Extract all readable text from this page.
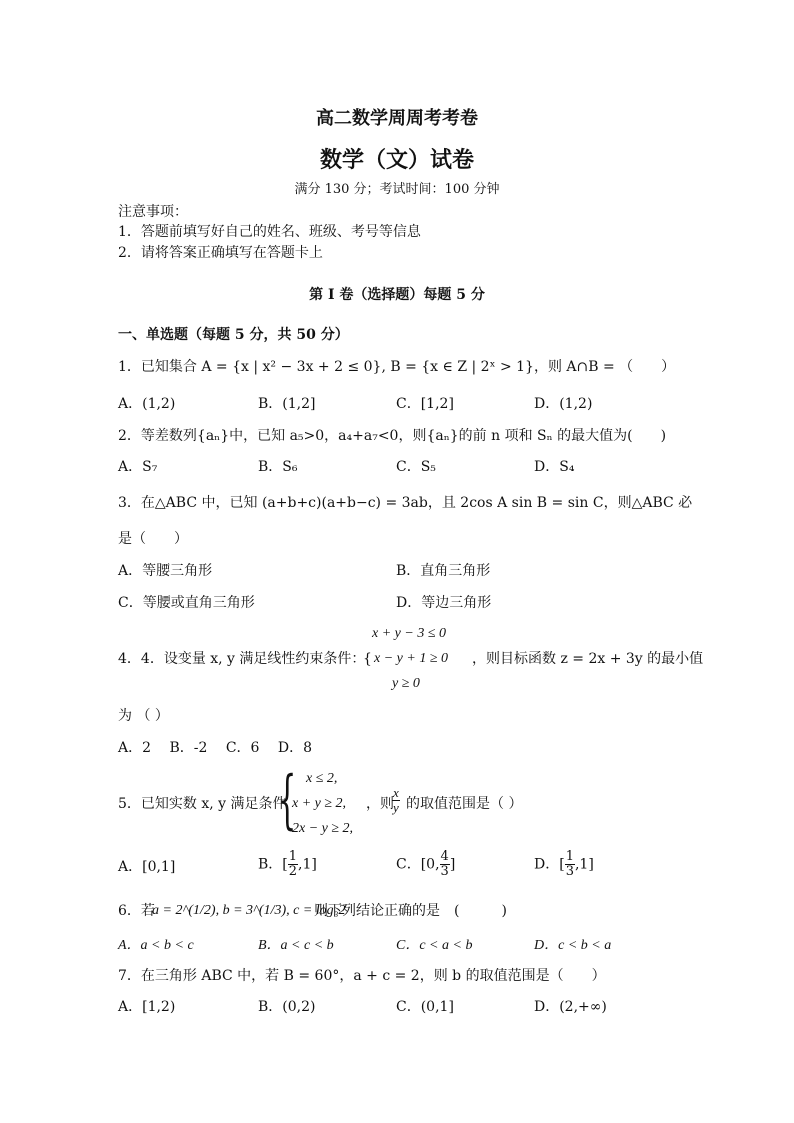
高二数学周周考考卷
数学（文）试卷
满分 130 分；考试时间：100 分钟
注意事项：
1．答题前填写好自己的姓名、班级、考号等信息
2．请将答案正确填写在答题卡上
第 I 卷（选择题）每题 5 分
一、单选题（每题 5 分，共 50 分）
1．已知集合 A = {x | x² − 3x + 2 ≤ 0}, B = {x ∈ Z | 2ˣ > 1}，则 A∩B = （　　）
A．(1,2)	B．(1,2]	C．[1,2]	D．(1,2)
2．等差数列{aₙ}中，已知 a₅>0，a₄+a₇<0，则{aₙ}的前 n 项和 Sₙ 的最大值为(　　)
A．S₇	B．S₆	C．S₅	D．S₄
3．在△ABC 中，已知 (a+b+c)(a+b−c) = 3ab，且 2cos A sin B = sin C，则△ABC 必
是（　　）
A．等腰三角形	B．直角三角形
C．等腰或直角三角形	D．等边三角形
x + y − 3 ≤ 0
4．4．设变量 x, y 满足线性约束条件：
{ x − y + 1 ≥ 0 ，则目标函数 z = 2x + 3y 的最小值
y ≥ 0
为 （ ）
A．2　 B．-2　 C．6　 D．8
5．已知实数 x, y 满足条件
{ x ≤ 2,
x + y ≥ 2,
2x − y ≥ 2,
，则
$\frac{x}{y}$ 的取值范围是（ ）
A．[0,1]	B．[ $\frac{1}{2} ,1$]	C．[0, $\frac{4}{3}$ ]	D．[ $\frac{1}{3} ,1$]
6．若
a = 2^(1/2), b = 3^(1/3), c = log₃2
则下列结论正确的是　(　　　)
A．a < b < c	B．a < c < b	C．c < a < b	D．c < b < a
7．在三角形 ABC 中，若 B = 60°，a + c = 2，则 b 的取值范围是（　　）
A．[1,2)	B．(0,2)	C．(0,1]	D．(2,+∞)
